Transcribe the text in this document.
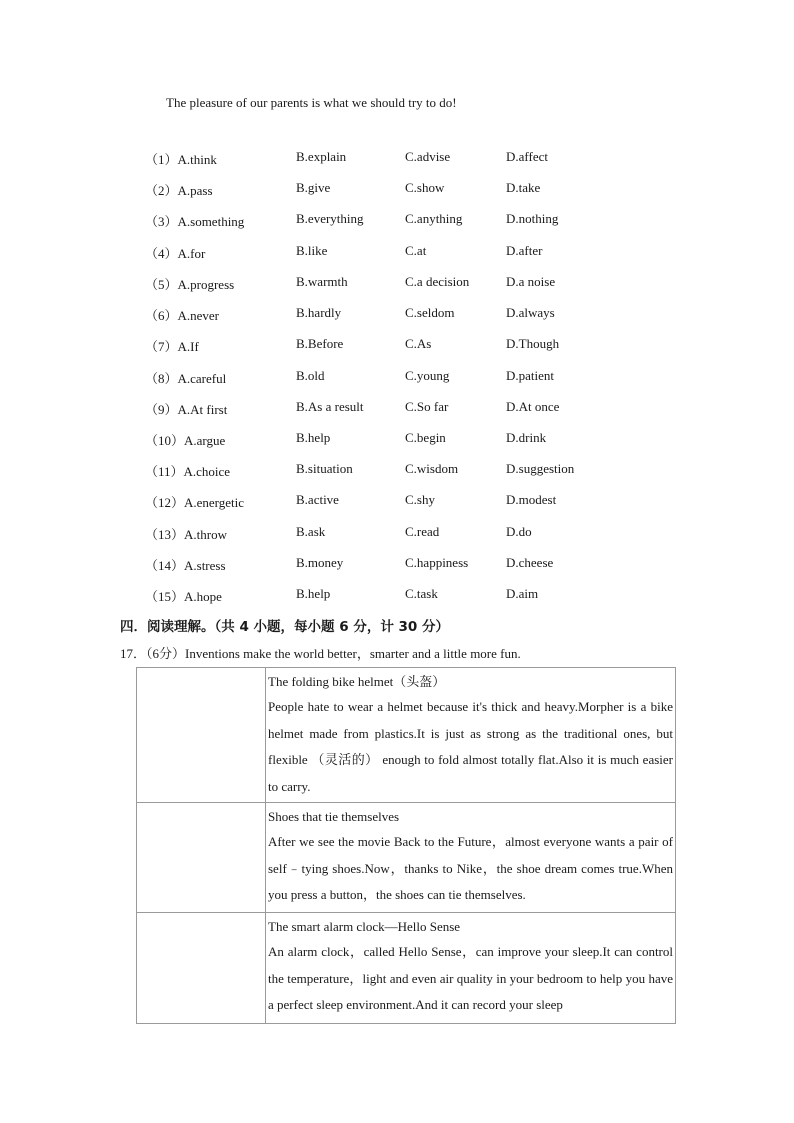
The pleasure of our parents is what we should try to do!
（1）A.think	B.explain	C.advise	D.affect
（2）A.pass	B.give	C.show	D.take
（3）A.something	B.everything	C.anything	D.nothing
（4）A.for	B.like	C.at	D.after
（5）A.progress	B.warmth	C.a decision	D.a noise
（6）A.never	B.hardly	C.seldom	D.always
（7）A.If	B.Before	C.As	D.Though
（8）A.careful	B.old	C.young	D.patient
（9）A.At first	B.As a result	C.So far	D.At once
（10）A.argue	B.help	C.begin	D.drink
（11）A.choice	B.situation	C.wisdom	D.suggestion
（12）A.energetic	B.active	C.shy	D.modest
（13）A.throw	B.ask	C.read	D.do
（14）A.stress	B.money	C.happiness	D.cheese
（15）A.hope	B.help	C.task	D.aim
四．阅读理解。（共 4 小题，每小题 6 分，计 30 分）
17．（6分）Inventions make the world better，smarter and a little more fun.

	The folding bike helmet（头盔）
People hate to wear a helmet because it's thick and heavy.Morpher is a bike helmet made from plastics.It is just as strong as the traditional ones, but flexible （灵活的） enough to fold almost totally flat.Also it is much easier to carry.

	Shoes that tie themselves
After we see the movie Back to the Future，almost everyone wants a pair of self﹣tying shoes.Now，thanks to Nike，the shoe dream comes true.When you press a button，the shoes can tie themselves.

	The smart alarm clock—Hello Sense
An alarm clock，called Hello Sense，can improve your sleep.It can control the temperature，light and even air quality in your bedroom to help you have a perfect sleep environment.And it can record your sleep
